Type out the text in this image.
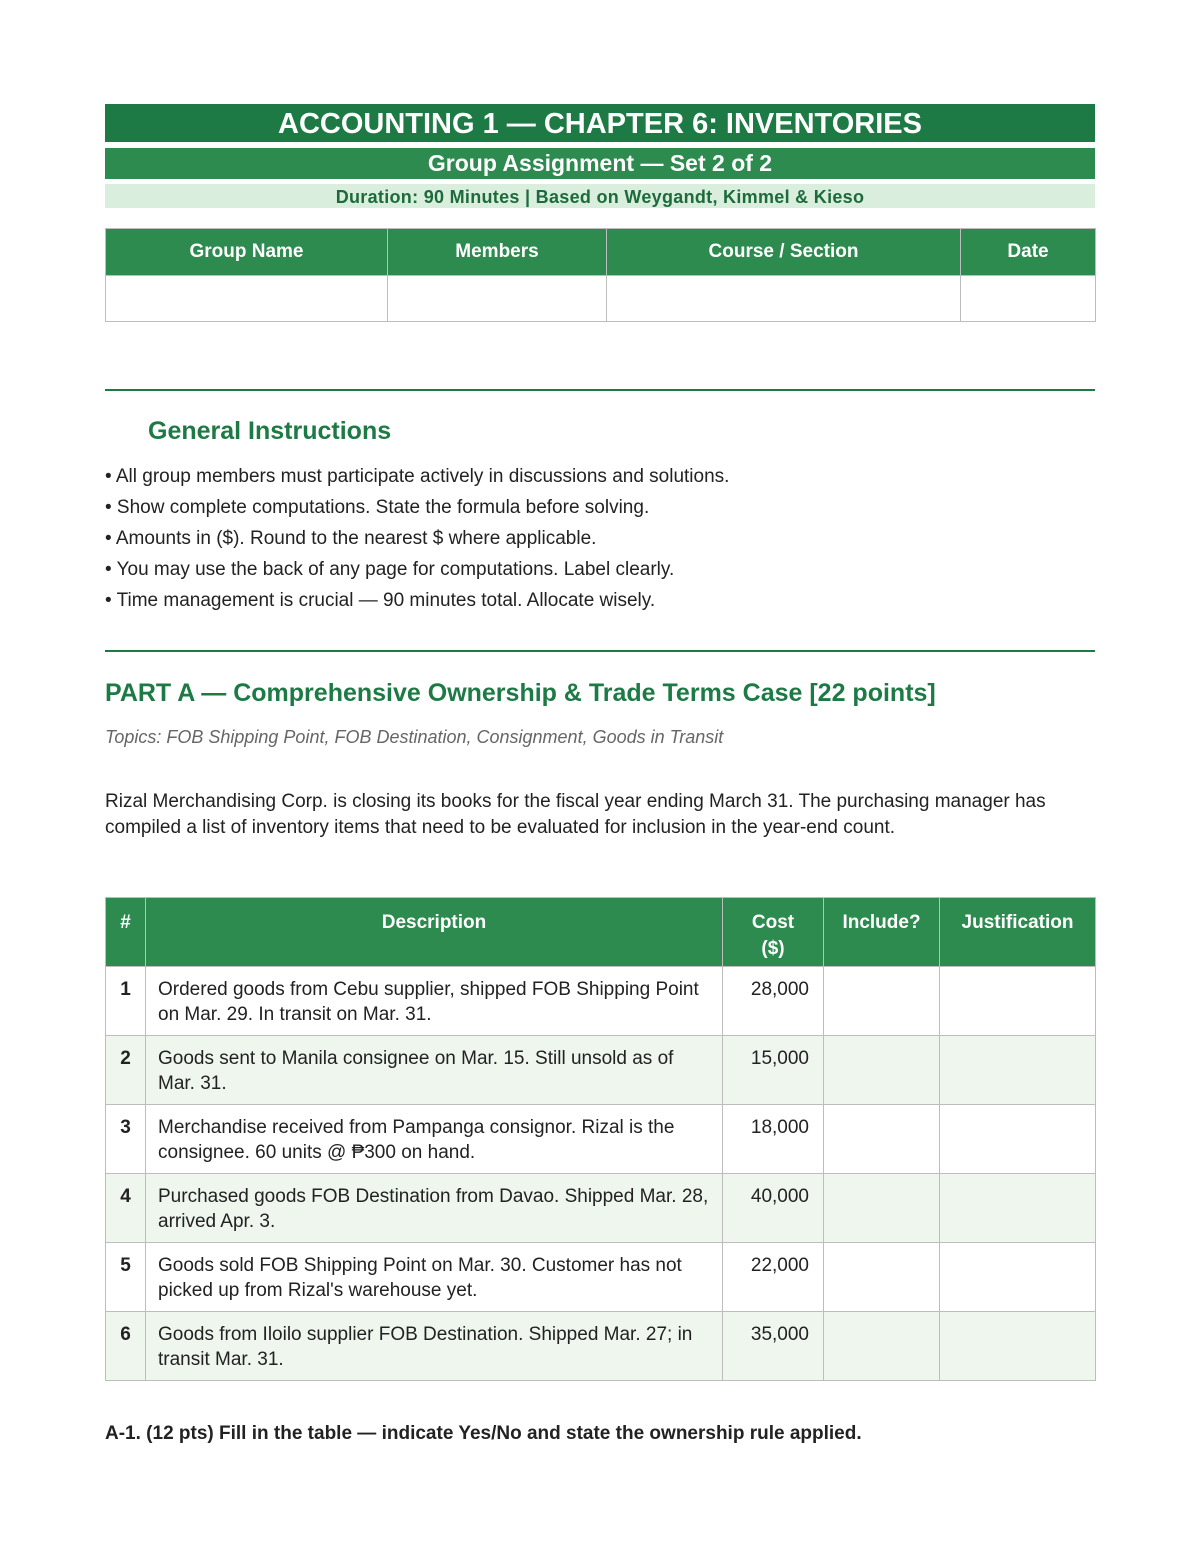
ACCOUNTING 1 — CHAPTER 6: INVENTORIES
Group Assignment — Set 2 of 2
Duration: 90 Minutes | Based on Weygandt, Kimmel & Kieso
Group Name	Members	Course / Section	Date

General Instructions
• All group members must participate actively in discussions and solutions.
• Show complete computations. State the formula before solving.
• Amounts in ($). Round to the nearest $ where applicable.
• You may use the back of any page for computations. Label clearly.
• Time management is crucial — 90 minutes total. Allocate wisely.
PART A — Comprehensive Ownership & Trade Terms Case [22 points]
Topics: FOB Shipping Point, FOB Destination, Consignment, Goods in Transit
Rizal Merchandising Corp. is closing its books for the fiscal year ending March 31. The purchasing manager has compiled a list of inventory items that need to be evaluated for inclusion in the year-end count.
#	Description	Cost ($)	Include?	Justification
1	Ordered goods from Cebu supplier, shipped FOB Shipping Point on Mar. 29. In transit on Mar. 31.	28,000		
2	Goods sent to Manila consignee on Mar. 15. Still unsold as of Mar. 31.	15,000		
3	Merchandise received from Pampanga consignor. Rizal is the consignee. 60 units @ ₱300 on hand.	18,000		
4	Purchased goods FOB Destination from Davao. Shipped Mar. 28, arrived Apr. 3.	40,000		
5	Goods sold FOB Shipping Point on Mar. 30. Customer has not picked up from Rizal's warehouse yet.	22,000		
6	Goods from Iloilo supplier FOB Destination. Shipped Mar. 27; in transit Mar. 31.	35,000		
A-1. (12 pts) Fill in the table — indicate Yes/No and state the ownership rule applied.
